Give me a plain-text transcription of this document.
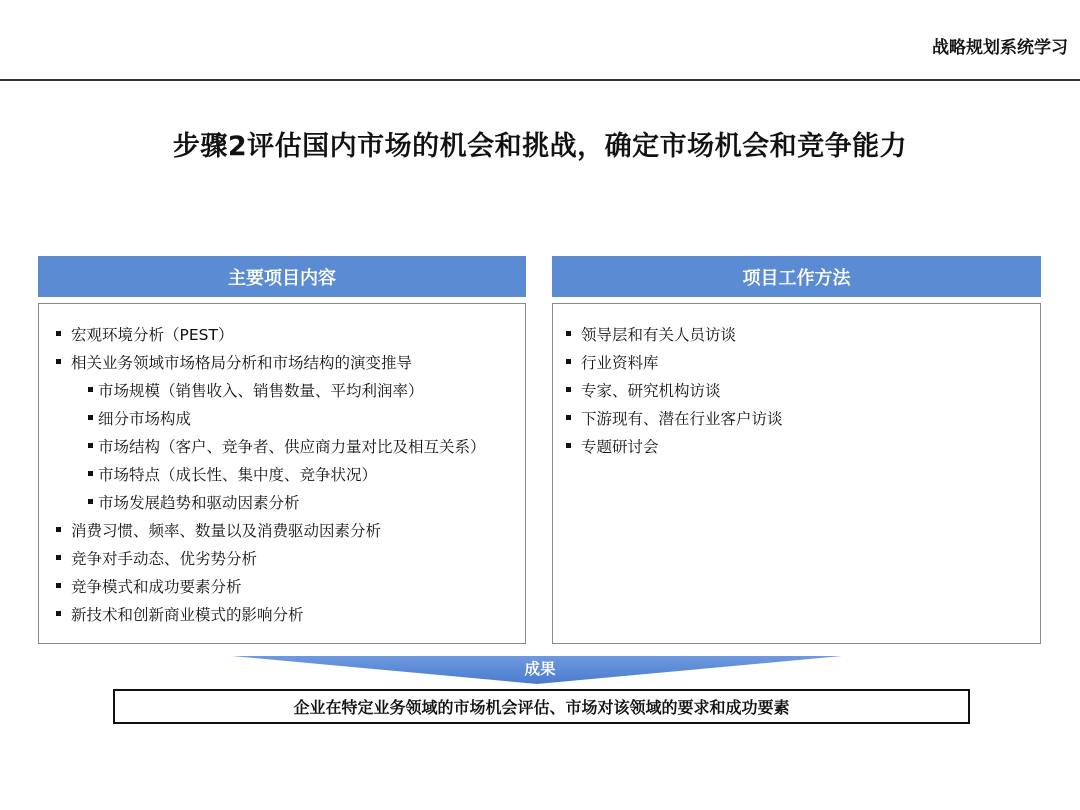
战略规划系统学习
步骤2评估国内市场的机会和挑战，确定市场机会和竞争能力
主要项目内容
宏观环境分析（PEST）
相关业务领域市场格局分析和市场结构的演变推导
市场规模（销售收入、销售数量、平均利润率）
细分市场构成
市场结构（客户、竞争者、供应商力量对比及相互关系）
市场特点（成长性、集中度、竞争状况）
市场发展趋势和驱动因素分析
消费习惯、频率、数量以及消费驱动因素分析
竞争对手动态、优劣势分析
竞争模式和成功要素分析
新技术和创新商业模式的影响分析
项目工作方法
领导层和有关人员访谈
行业资料库
专家、研究机构访谈
下游现有、潜在行业客户访谈
专题研讨会
成果
企业在特定业务领域的市场机会评估、市场对该领域的要求和成功要素
